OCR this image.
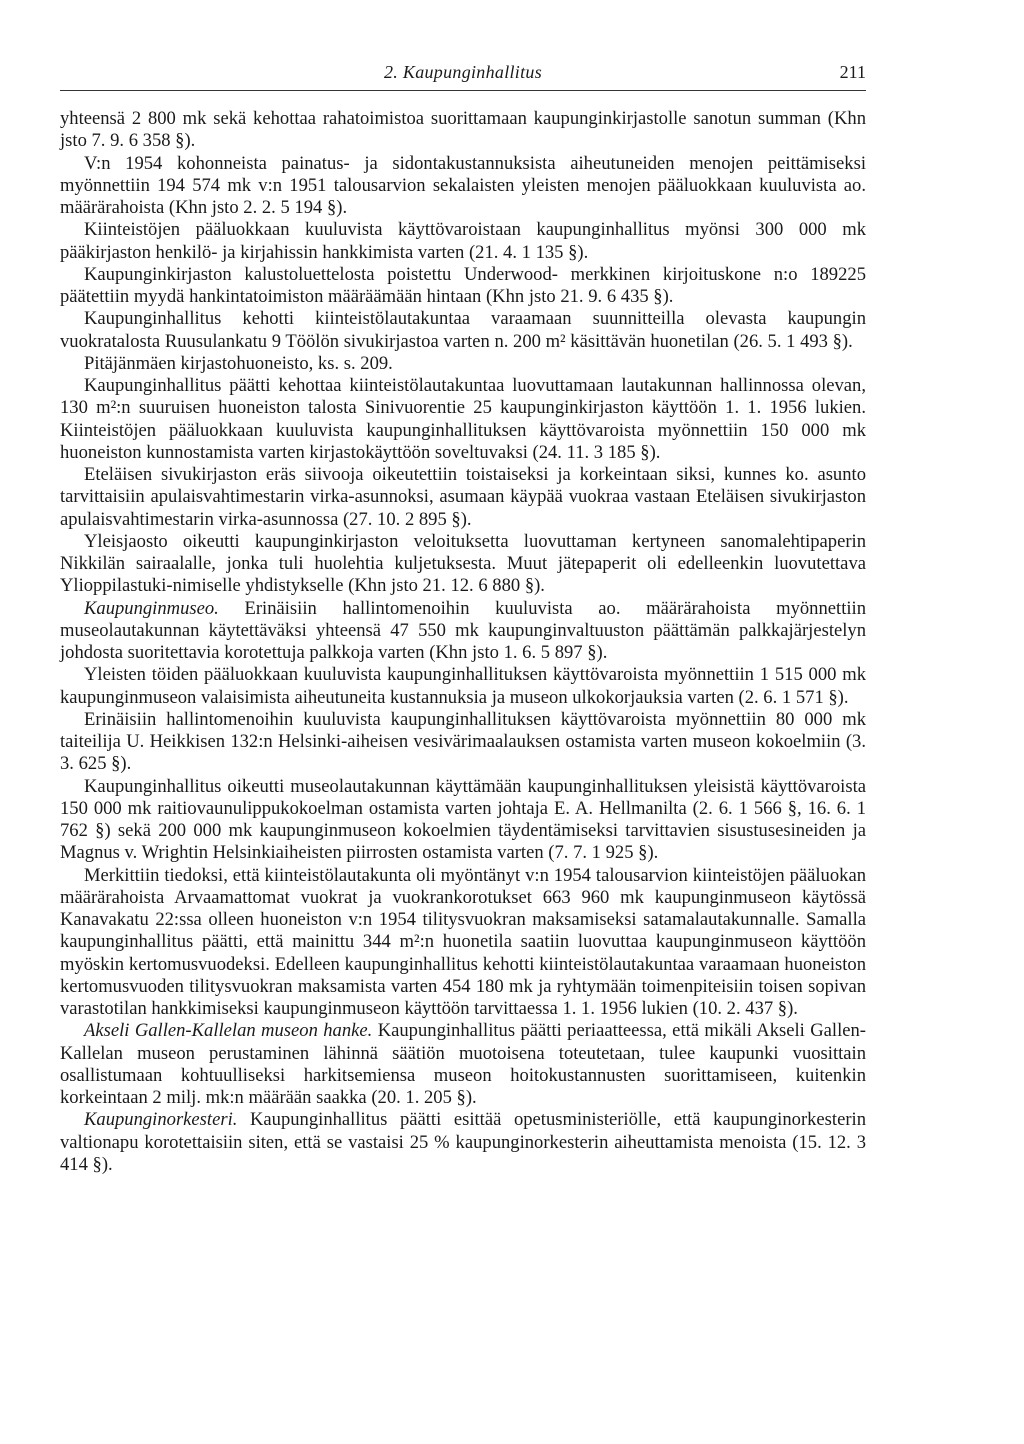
2. Kaupunginhallitus	211

yhteensä 2 800 mk sekä kehottaa rahatoimistoa suorittamaan kaupunginkirjastolle sanotun summan (Khn jsto 7. 9. 6 358 §).

V:n 1954 kohonneista painatus- ja sidontakustannuksista aiheutuneiden menojen peittämiseksi myönnettiin 194 574 mk v:n 1951 talousarvion sekalaisten yleisten menojen pääluokkaan kuuluvista ao. määrärahoista (Khn jsto 2. 2. 5 194 §).

Kiinteistöjen pääluokkaan kuuluvista käyttövaroistaan kaupunginhallitus myönsi 300 000 mk pääkirjaston henkilö- ja kirjahissin hankkimista varten (21. 4. 1 135 §).

Kaupunginkirjaston kalustoluettelosta poistettu Underwood- merkkinen kirjoituskone n:o 189225 päätettiin myydä hankintatoimiston määräämään hintaan (Khn jsto 21. 9. 6 435 §).

Kaupunginhallitus kehotti kiinteistölautakuntaa varaamaan suunnitteilla olevasta kaupungin vuokratalosta Ruusulankatu 9 Töölön sivukirjastoa varten n. 200 m² käsittävän huonetilan (26. 5. 1 493 §).

Pitäjänmäen kirjastohuoneisto, ks. s. 209.

Kaupunginhallitus päätti kehottaa kiinteistölautakuntaa luovuttamaan lautakunnan hallinnossa olevan, 130 m²:n suuruisen huoneiston talosta Sinivuorentie 25 kaupunginkirjaston käyttöön 1. 1. 1956 lukien. Kiinteistöjen pääluokkaan kuuluvista kaupunginhallituksen käyttövaroista myönnettiin 150 000 mk huoneiston kunnostamista varten kirjastokäyttöön soveltuvaksi (24. 11. 3 185 §).

Eteläisen sivukirjaston eräs siivooja oikeutettiin toistaiseksi ja korkeintaan siksi, kunnes ko. asunto tarvittaisiin apulaisvahtimestarin virka-asunnoksi, asumaan käypää vuokraa vastaan Eteläisen sivukirjaston apulaisvahtimestarin virka-asunnossa (27. 10. 2 895 §).

Yleisjaosto oikeutti kaupunginkirjaston veloituksetta luovuttaman kertyneen sanomalehtipaperin Nikkilän sairaalalle, jonka tuli huolehtia kuljetuksesta. Muut jätepaperit oli edelleenkin luovutettava Ylioppilastuki-nimiselle yhdistykselle (Khn jsto 21. 12. 6 880 §).

Kaupunginmuseo. Erinäisiin hallintomenoihin kuuluvista ao. määrärahoista myönnettiin museolautakunnan käytettäväksi yhteensä 47 550 mk kaupunginvaltuuston päättämän palkkajärjestelyn johdosta suoritettavia korotettuja palkkoja varten (Khn jsto 1. 6. 5 897 §).

Yleisten töiden pääluokkaan kuuluvista kaupunginhallituksen käyttövaroista myönnettiin 1 515 000 mk kaupunginmuseon valaisimista aiheutuneita kustannuksia ja museon ulkokorjauksia varten (2. 6. 1 571 §).

Erinäisiin hallintomenoihin kuuluvista kaupunginhallituksen käyttövaroista myönnettiin 80 000 mk taiteilija U. Heikkisen 132:n Helsinki-aiheisen vesivärimaalauksen ostamista varten museon kokoelmiin (3. 3. 625 §).

Kaupunginhallitus oikeutti museolautakunnan käyttämään kaupunginhallituksen yleisistä käyttövaroista 150 000 mk raitiovaunulippukokoelman ostamista varten johtaja E. A. Hellmanilta (2. 6. 1 566 §, 16. 6. 1 762 §) sekä 200 000 mk kaupunginmuseon kokoelmien täydentämiseksi tarvittavien sisustusesineiden ja Magnus v. Wrightin Helsinkiaiheisten piirrosten ostamista varten (7. 7. 1 925 §).

Merkittiin tiedoksi, että kiinteistölautakunta oli myöntänyt v:n 1954 talousarvion kiinteistöjen pääluokan määrärahoista Arvaamattomat vuokrat ja vuokrankorotukset 663 960 mk kaupunginmuseon käytössä Kanavakatu 22:ssa olleen huoneiston v:n 1954 tilitysvuokran maksamiseksi satamalautakunnalle. Samalla kaupunginhallitus päätti, että mainittu 344 m²:n huonetila saatiin luovuttaa kaupunginmuseon käyttöön myöskin kertomusvuodeksi. Edelleen kaupunginhallitus kehotti kiinteistölautakuntaa varaamaan huoneiston kertomusvuoden tilitysvuokran maksamista varten 454 180 mk ja ryhtymään toimenpiteisiin toisen sopivan varastotilan hankkimiseksi kaupunginmuseon käyttöön tarvittaessa 1. 1. 1956 lukien (10. 2. 437 §).

Akseli Gallen-Kallelan museon hanke. Kaupunginhallitus päätti periaatteessa, että mikäli Akseli Gallen-Kallelan museon perustaminen lähinnä säätiön muotoisena toteutetaan, tulee kaupunki vuosittain osallistumaan kohtuulliseksi harkitsemiensa museon hoitokustannusten suorittamiseen, kuitenkin korkeintaan 2 milj. mk:n määrään saakka (20. 1. 205 §).

Kaupunginorkesteri. Kaupunginhallitus päätti esittää opetusministeriölle, että kaupunginorkesterin valtionapu korotettaisiin siten, että se vastaisi 25 % kaupunginorkesterin aiheuttamista menoista (15. 12. 3 414 §).
